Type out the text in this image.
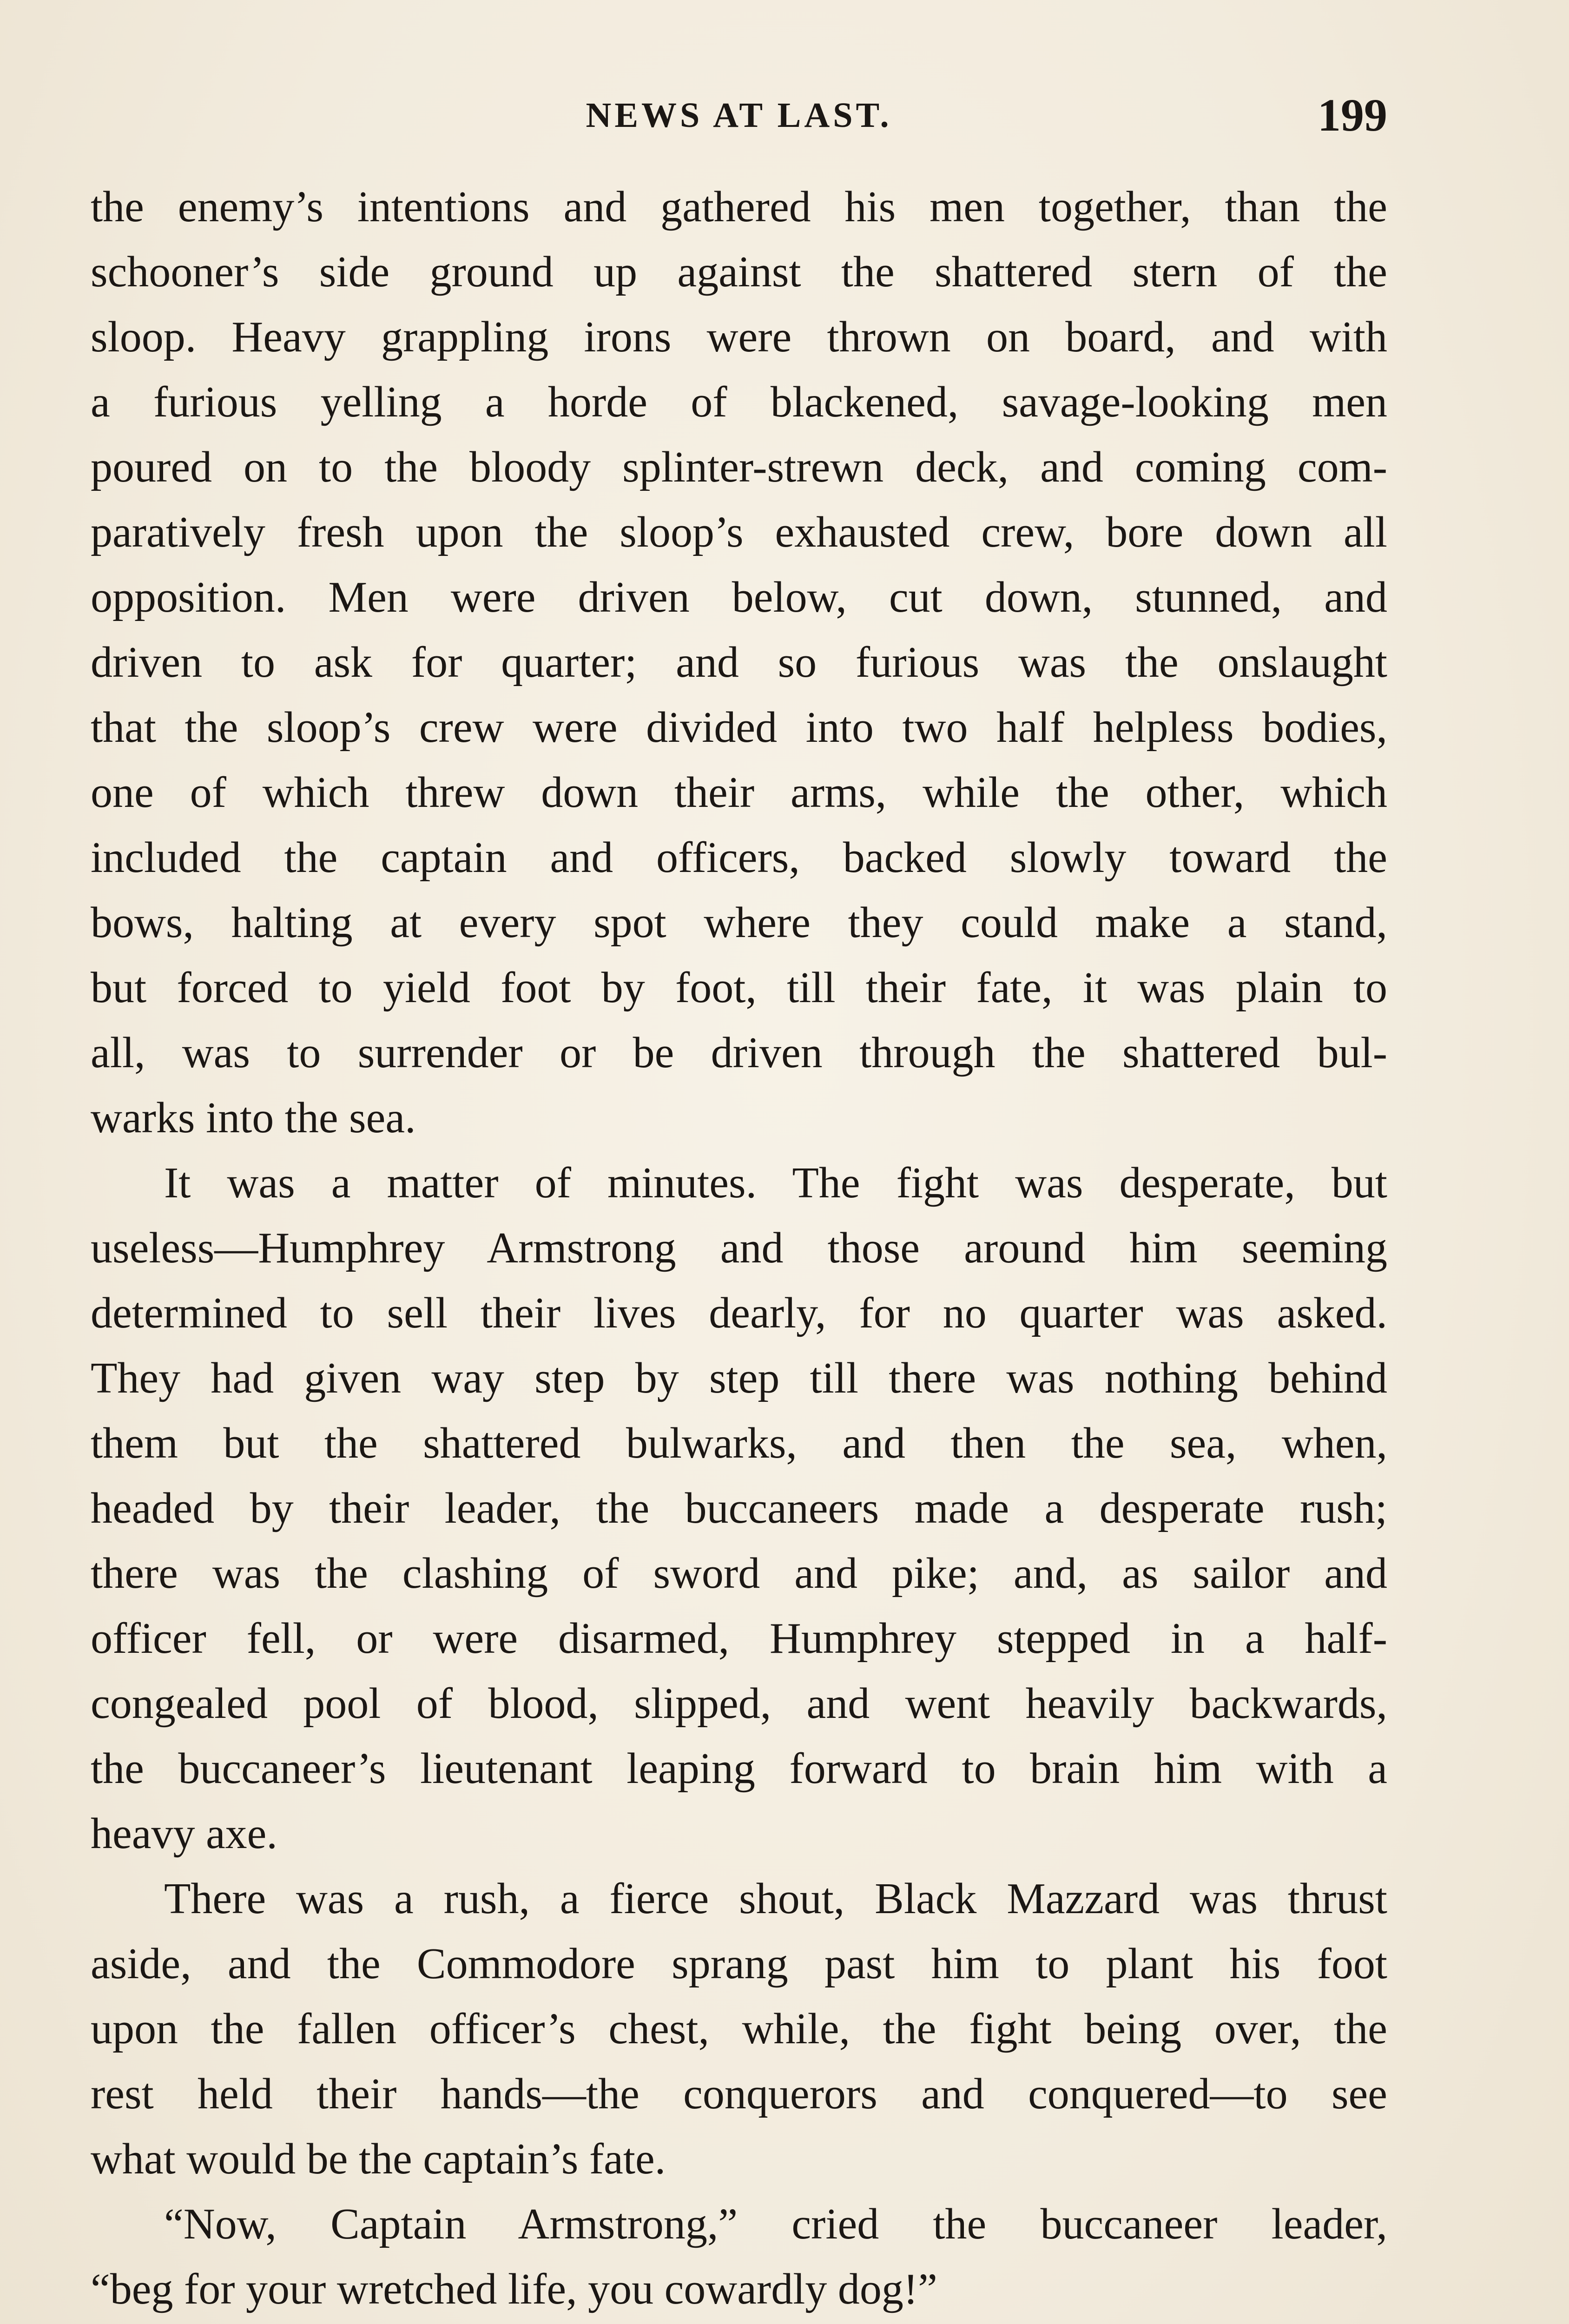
NEWS AT LAST.	199

the enemy’s intentions and gathered his men together, than the
schooner’s side ground up against the shattered stern of the
sloop. Heavy grappling irons were thrown on board, and with
a furious yelling a horde of blackened, savage-looking men
poured on to the bloody splinter-strewn deck, and coming com-
paratively fresh upon the sloop’s exhausted crew, bore down all
opposition. Men were driven below, cut down, stunned, and
driven to ask for quarter; and so furious was the onslaught
that the sloop’s crew were divided into two half helpless bodies,
one of which threw down their arms, while the other, which
included the captain and officers, backed slowly toward the
bows, halting at every spot where they could make a stand,
but forced to yield foot by foot, till their fate, it was plain to
all, was to surrender or be driven through the shattered bul-
warks into the sea.

It was a matter of minutes. The fight was desperate, but
useless—Humphrey Armstrong and those around him seeming
determined to sell their lives dearly, for no quarter was asked.
They had given way step by step till there was nothing behind
them but the shattered bulwarks, and then the sea, when,
headed by their leader, the buccaneers made a desperate rush;
there was the clashing of sword and pike; and, as sailor and
officer fell, or were disarmed, Humphrey stepped in a half-
congealed pool of blood, slipped, and went heavily backwards,
the buccaneer’s lieutenant leaping forward to brain him with a
heavy axe.

There was a rush, a fierce shout, Black Mazzard was thrust
aside, and the Commodore sprang past him to plant his foot
upon the fallen officer’s chest, while, the fight being over, the
rest held their hands—the conquerors and conquered—to see
what would be the captain’s fate.

“Now, Captain Armstrong,” cried the buccaneer leader,
“beg for your wretched life, you cowardly dog!”
